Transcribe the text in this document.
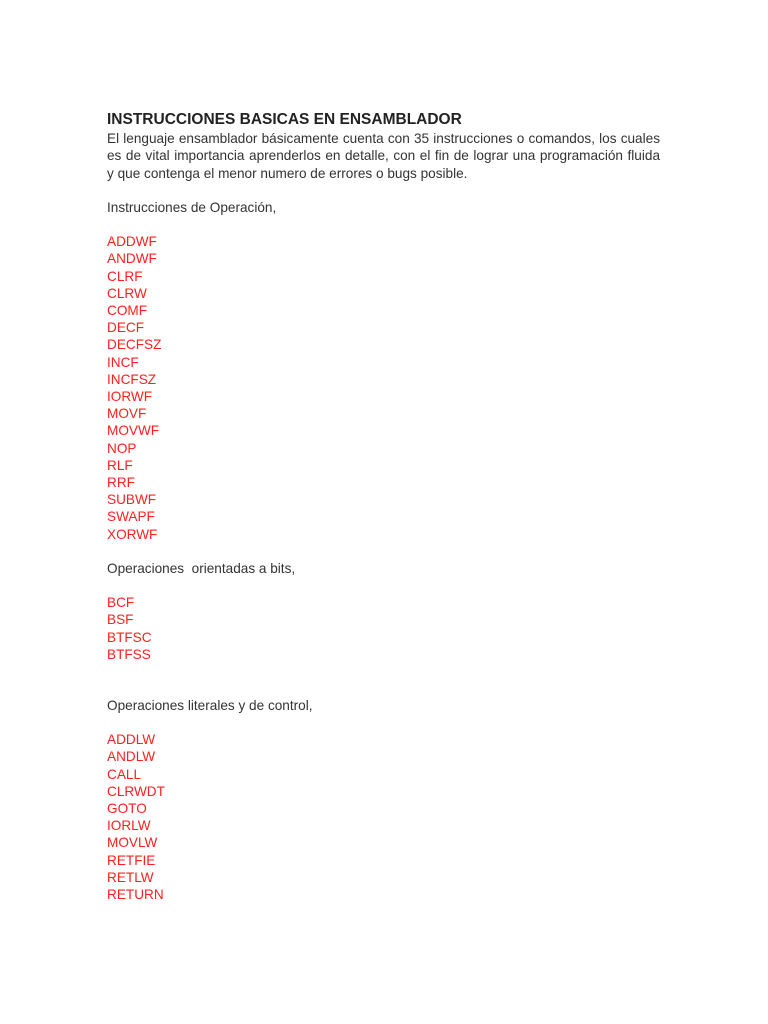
INSTRUCCIONES BASICAS EN ENSAMBLADOR

El lenguaje ensamblador básicamente cuenta con 35 instrucciones o comandos, los cuales es de vital importancia aprenderlos en detalle, con el fin de lograr una programación fluida y que contenga el menor numero de errores o bugs posible.

Instrucciones de Operación,

ADDWF
ANDWF
CLRF
CLRW
COMF
DECF
DECFSZ
INCF
INCFSZ
IORWF
MOVF
MOVWF
NOP
RLF
RRF
SUBWF
SWAPF
XORWF

Operaciones  orientadas a bits,

BCF
BSF
BTFSC
BTFSS

Operaciones literales y de control,

ADDLW
ANDLW
CALL
CLRWDT
GOTO
IORLW
MOVLW
RETFIE
RETLW
RETURN
